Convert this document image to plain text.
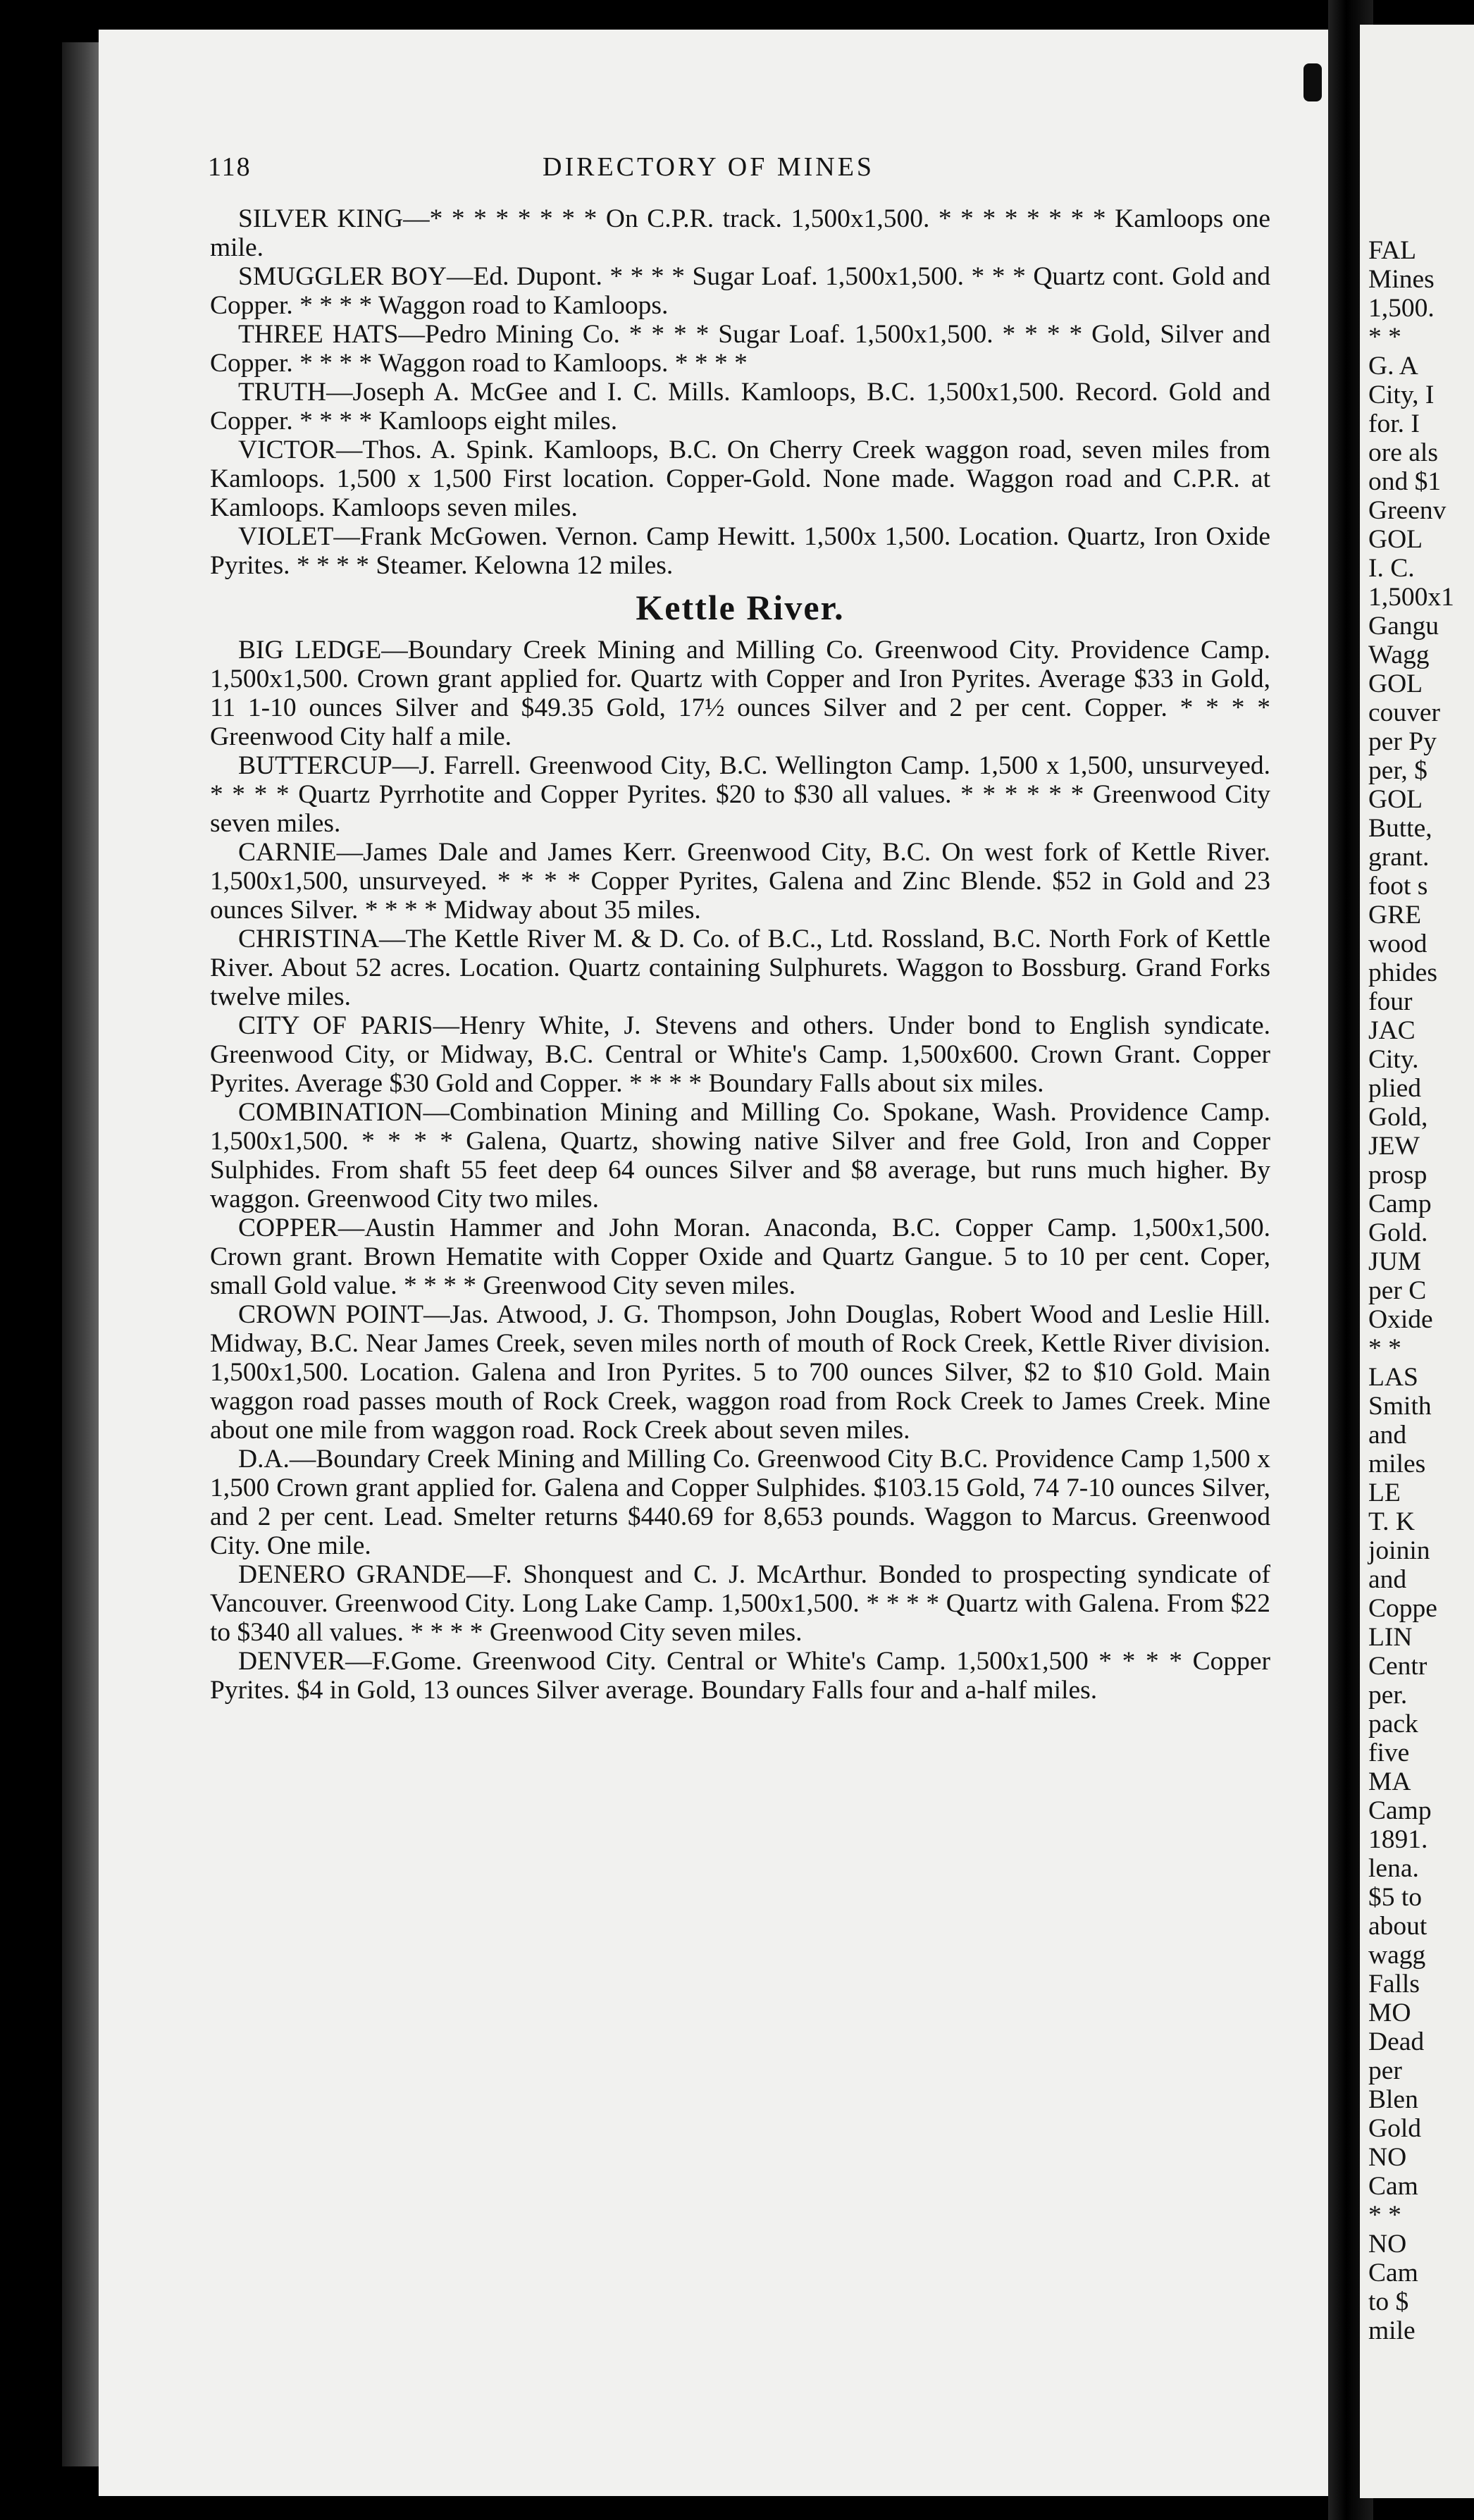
FAL
Mines
1,500.
* *
G. A
City, I
for. I
ore als
ond $1
Greenv
GOL
I. C.
1,500x1
Gangu
Wagg
GOL
couver
per Py
per, $
GOL
Butte,
grant.
foot s
GRE
wood
phides
four
JAC
City.
plied
Gold,
JEW
prosp
Camp
Gold.
JUM
per C
Oxide
* *
LAS
Smith
and
miles
LE
T. K
joinin
and
Coppe
LIN
Centr
per.
pack
five
MA
Camp
1891.
lena.
$5 to
about
wagg
Falls
MO
Dead
per
Blen
Gold
NO
Cam
* *
NO
Cam
to $
mile
118	DIRECTORY OF MINES

SILVER KING—* * * * * * * * On C.P.R. track. 1,500x1,500. * * * * * * * * Kamloops one mile.

SMUGGLER BOY—Ed. Dupont. * * * * Sugar Loaf. 1,500x1,500. * * * Quartz cont. Gold and Copper. * * * * Waggon road to Kamloops.

THREE HATS—Pedro Mining Co. * * * * Sugar Loaf. 1,500x1,500. * * * * Gold, Silver and Copper. * * * * Waggon road to Kamloops. * * * *

TRUTH—Joseph A. McGee and I. C. Mills. Kamloops, B.C. 1,500x1,500. Record. Gold and Copper. * * * * Kamloops eight miles.

VICTOR—Thos. A. Spink. Kamloops, B.C. On Cherry Creek waggon road, seven miles from Kamloops. 1,500 x 1,500 First location. Copper-Gold. None made. Waggon road and C.P.R. at Kamloops. Kamloops seven miles.

VIOLET—Frank McGowen. Vernon. Camp Hewitt. 1,500x 1,500. Location. Quartz, Iron Oxide Pyrites. * * * * Steamer. Kelowna 12 miles.

Kettle River.

BIG LEDGE—Boundary Creek Mining and Milling Co. Greenwood City. Providence Camp. 1,500x1,500. Crown grant applied for. Quartz with Copper and Iron Pyrites. Average $33 in Gold, 11 1-10 ounces Silver and $49.35 Gold, 17½ ounces Silver and 2 per cent. Copper. * * * * Greenwood City half a mile.

BUTTERCUP—J. Farrell. Greenwood City, B.C. Wellington Camp. 1,500 x 1,500, unsurveyed. * * * * Quartz Pyrrhotite and Copper Pyrites. $20 to $30 all values. * * * * * * Greenwood City seven miles.

CARNIE—James Dale and James Kerr. Greenwood City, B.C. On west fork of Kettle River. 1,500x1,500, unsurveyed. * * * * Copper Pyrites, Galena and Zinc Blende. $52 in Gold and 23 ounces Silver. * * * * Midway about 35 miles.

CHRISTINA—The Kettle River M. & D. Co. of B.C., Ltd. Rossland, B.C. North Fork of Kettle River. About 52 acres. Location. Quartz containing Sulphurets. Waggon to Bossburg. Grand Forks twelve miles.

CITY OF PARIS—Henry White, J. Stevens and others. Under bond to English syndicate. Greenwood City, or Midway, B.C. Central or White's Camp. 1,500x600. Crown Grant. Copper Pyrites. Average $30 Gold and Copper. * * * * Boundary Falls about six miles.

COMBINATION—Combination Mining and Milling Co. Spokane, Wash. Providence Camp. 1,500x1,500. * * * * Galena, Quartz, showing native Silver and free Gold, Iron and Copper Sulphides. From shaft 55 feet deep 64 ounces Silver and $8 average, but runs much higher. By waggon. Greenwood City two miles.

COPPER—Austin Hammer and John Moran. Anaconda, B.C. Copper Camp. 1,500x1,500. Crown grant. Brown Hematite with Copper Oxide and Quartz Gangue. 5 to 10 per cent. Coper, small Gold value. * * * * Greenwood City seven miles.

CROWN POINT—Jas. Atwood, J. G. Thompson, John Douglas, Robert Wood and Leslie Hill. Midway, B.C. Near James Creek, seven miles north of mouth of Rock Creek, Kettle River division. 1,500x1,500. Location. Galena and Iron Pyrites. 5 to 700 ounces Silver, $2 to $10 Gold. Main waggon road passes mouth of Rock Creek, waggon road from Rock Creek to James Creek. Mine about one mile from waggon road. Rock Creek about seven miles.

D.A.—Boundary Creek Mining and Milling Co. Greenwood City B.C. Providence Camp 1,500 x 1,500 Crown grant applied for. Galena and Copper Sulphides. $103.15 Gold, 74 7-10 ounces Silver, and 2 per cent. Lead. Smelter returns $440.69 for 8,653 pounds. Waggon to Marcus. Greenwood City. One mile.

DENERO GRANDE—F. Shonquest and C. J. McArthur. Bonded to prospecting syndicate of Vancouver. Greenwood City. Long Lake Camp. 1,500x1,500. * * * * Quartz with Galena. From $22 to $340 all values. * * * * Greenwood City seven miles.

DENVER—F.Gome. Greenwood City. Central or White's Camp. 1,500x1,500 * * * * Copper Pyrites. $4 in Gold, 13 ounces Silver average. Boundary Falls four and a-half miles.
